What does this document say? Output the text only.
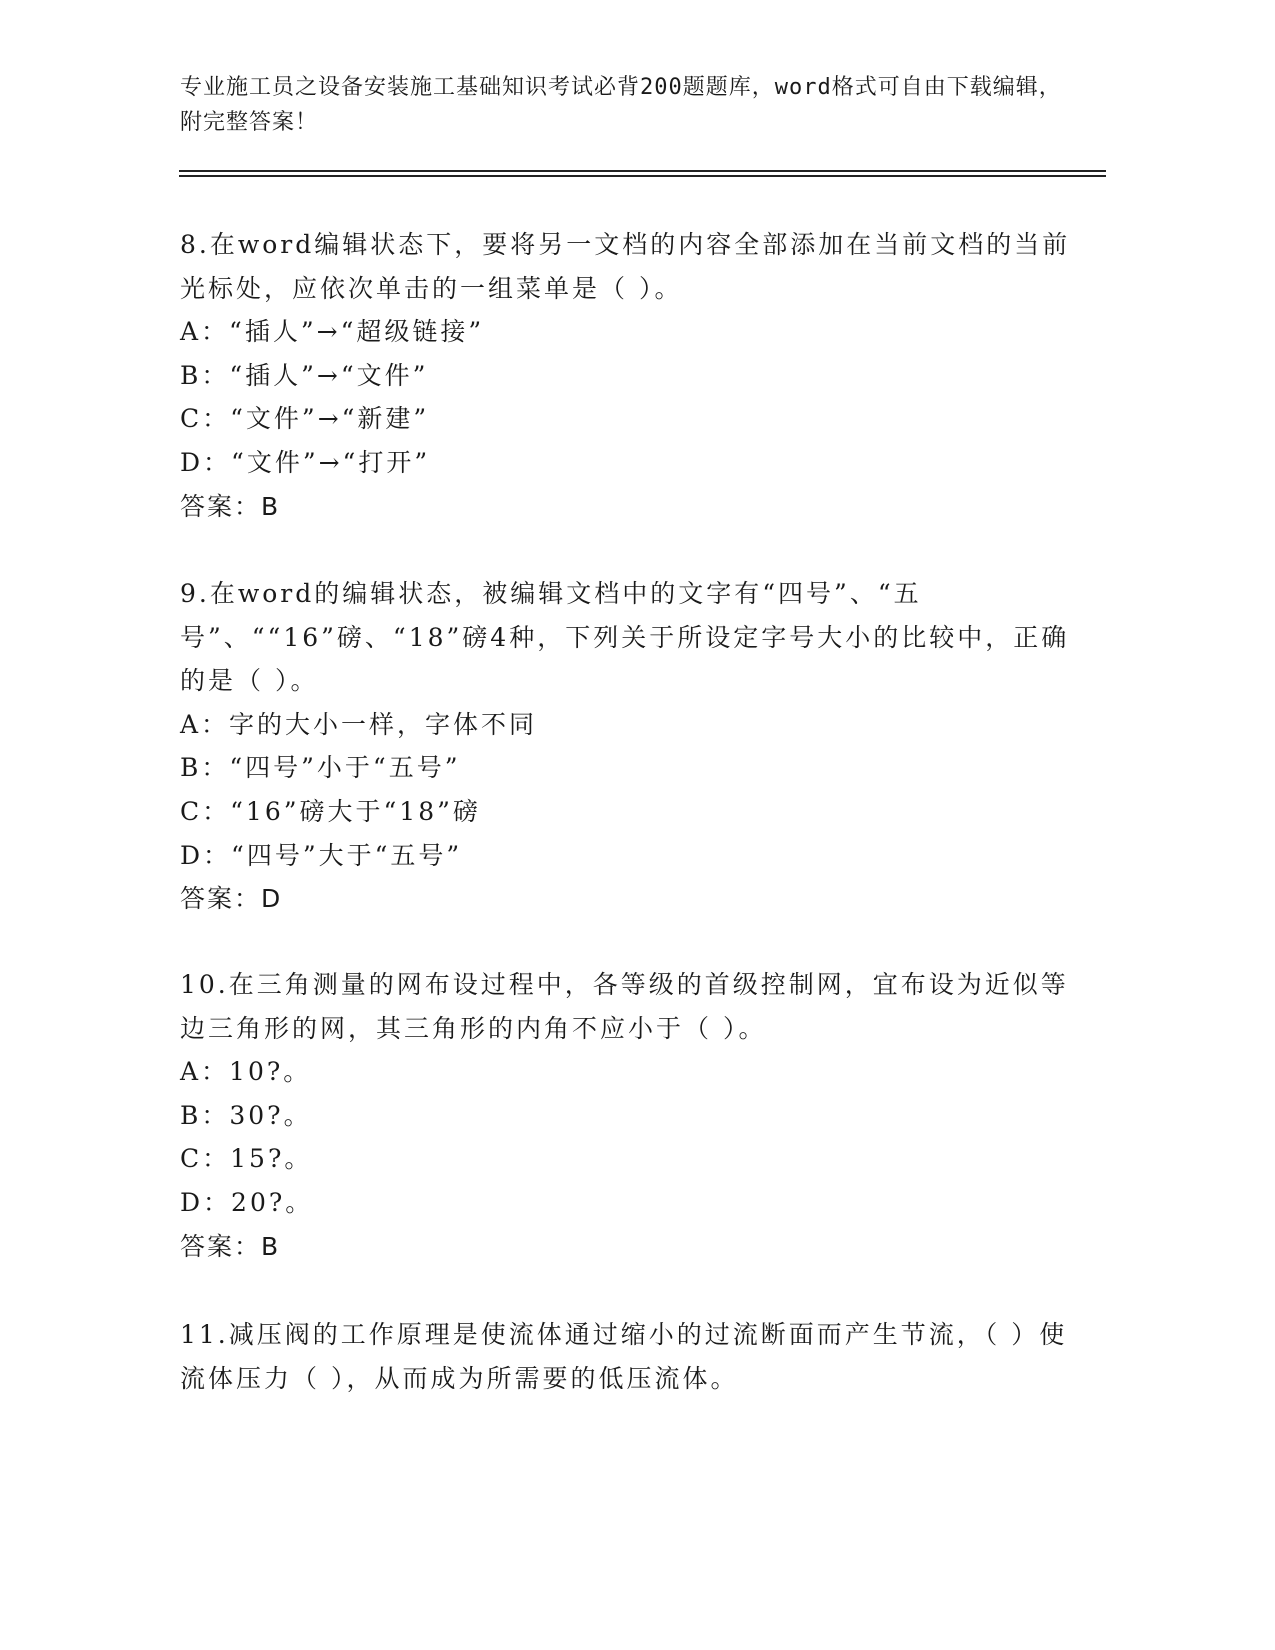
专业施工员之设备安装施工基础知识考试必背200题题库，word格式可自由下载编辑，附完整答案！

8.在word编辑状态下，要将另一文档的内容全部添加在当前文档的当前光标处，应依次单击的一组菜单是（ ）。

A：“插人”→“超级链接”

B：“插人”→“文件”

C：“文件”→“新建”

D：“文件”→“打开”

答案：B

9.在word的编辑状态，被编辑文档中的文字有“四号”、“五号”、““16”磅、“18”磅4种，下列关于所设定字号大小的比较中，正确的是（ ）。

A：字的大小一样，字体不同

B：“四号”小于“五号”

C：“16”磅大于“18”磅

D：“四号”大于“五号”

答案：D

10.在三角测量的网布设过程中，各等级的首级控制网，宜布设为近似等边三角形的网，其三角形的内角不应小于（ ）。

A：10?。

B：30?。

C：15?。

D：20?。

答案：B

11.减压阀的工作原理是使流体通过缩小的过流断面而产生节流，（ ）使流体压力（ ），从而成为所需要的低压流体。
